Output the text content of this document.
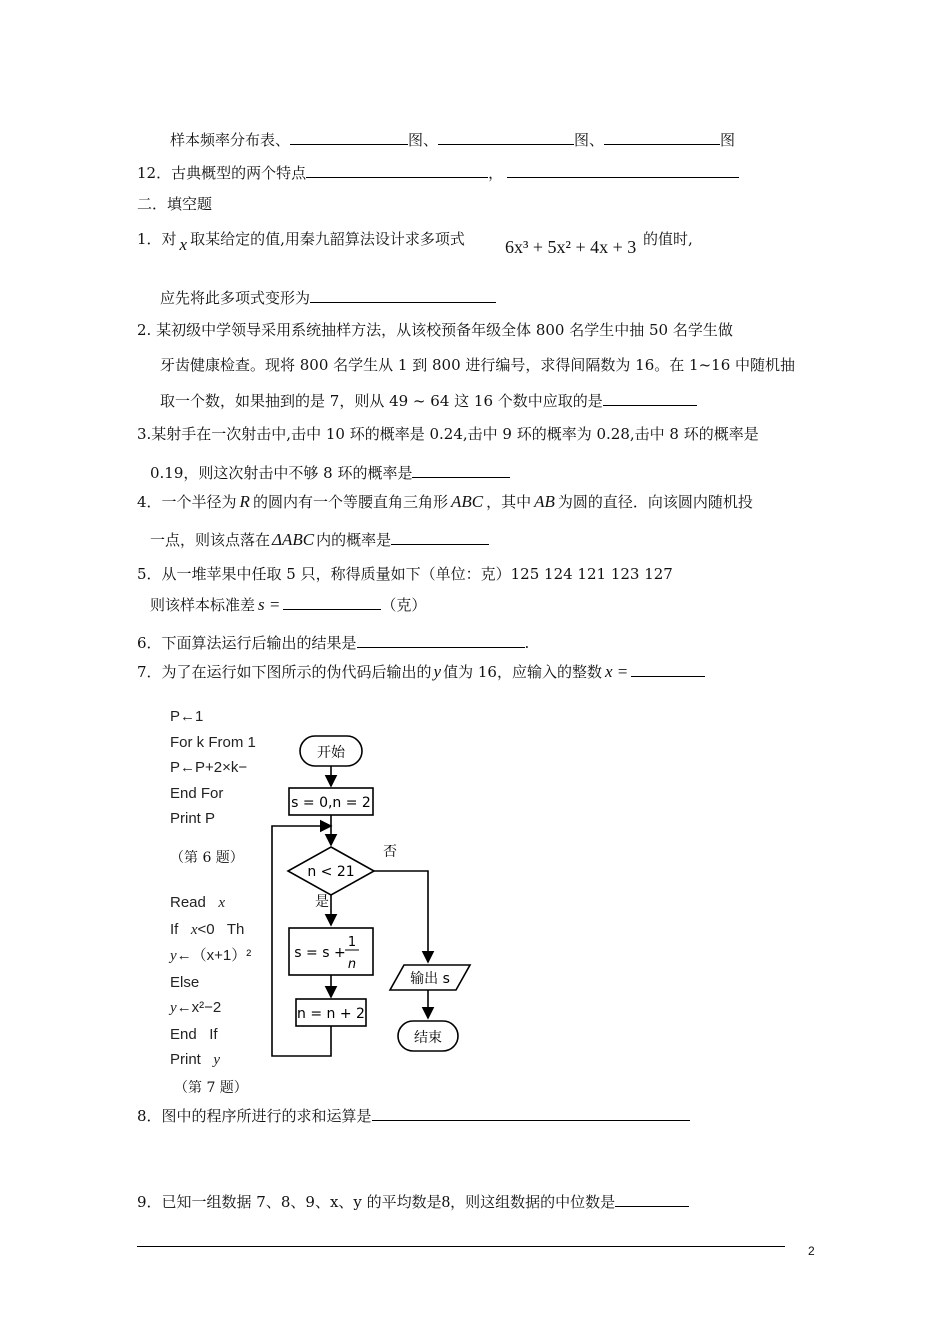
样本频率分布表、	图、	图、	图
12．古典概型的两个特点	，
二．填空题
1．对 x 取某给定的值,用秦九韶算法设计求多项式 6x³ + 5x² + 4x + 3 的值时,
应先将此多项式变形为
2. 某初级中学领导采用系统抽样方法，从该校预备年级全体 800 名学生中抽 50 名学生做
牙齿健康检查。现将 800 名学生从 1 到 800 进行编号，求得间隔数为 16。在 1~16 中随机抽
取一个数，如果抽到的是 7，则从 49 ~ 64 这 16 个数中应取的是
3.某射手在一次射击中,击中 10 环的概率是 0.24,击中 9 环的概率为 0.28,击中 8 环的概率是
0.19，则这次射击中不够 8 环的概率是
4．一个半径为 R 的圆内有一个等腰直角三角形 ABC ，其中 AB 为圆的直径．向该圆内随机投
一点，则该点落在 ΔABC 内的概率是
5．从一堆苹果中任取 5 只，称得质量如下（单位：克）125 124 121 123 127
则该样本标准差 s =	（克）
6．下面算法运行后输出的结果是	.
7．为了在运行如下图所示的伪代码后输出的 y 值为 16，应输入的整数 x =
P←1
For k From 1
P←P+2×k−
End For
Print P
（第 6 题）
Read   x
If   x<0   Th
y←（x+1）²
Else
y←x²−2
End   If
Print   y
（第 7 题）
开始
s = 0,n = 2
n < 21
否
是
s = s +
1
n
n = n + 2
输出 s
结束
8．图中的程序所进行的求和运算是
9．已知一组数据 7、8、9、x、y 的平均数是8，则这组数据的中位数是
2
